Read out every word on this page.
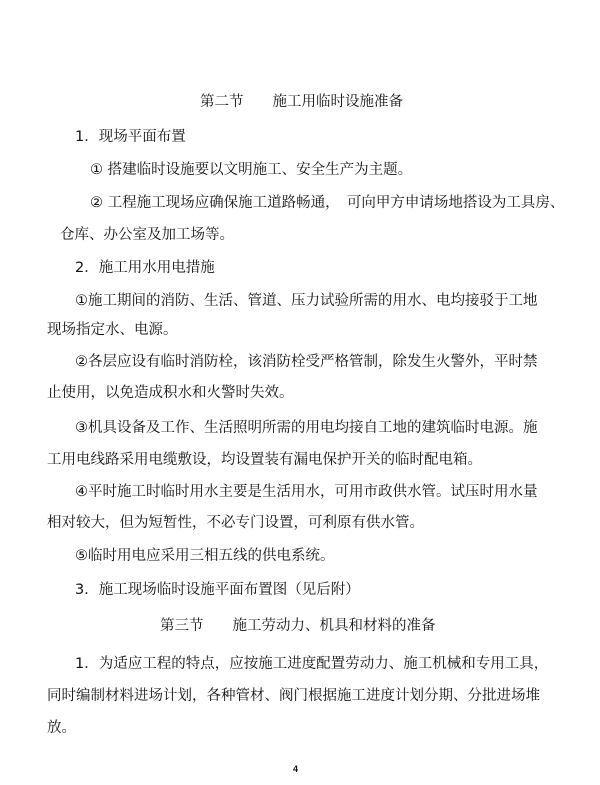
第二节　　施工用临时设施准备

1．现场平面布置

① 搭建临时设施要以文明施工、安全生产为主题。

② 工程施工现场应确保施工道路畅通，　可向甲方申请场地搭设为工具房、

仓库、办公室及加工场等。

2．施工用水用电措施

①施工期间的消防、生活、管道、压力试验所需的用水、电均接驳于工地

现场指定水、电源。

②各层应设有临时消防栓，该消防栓受严格管制，除发生火警外，平时禁

止使用，以免造成积水和火警时失效。

③机具设备及工作、生活照明所需的用电均接自工地的建筑临时电源。施

工用电线路采用电缆敷设，均设置装有漏电保护开关的临时配电箱。

④平时施工时临时用水主要是生活用水，可用市政供水管。试压时用水量

相对较大，但为短暂性，不必专门设置，可利原有供水管。

⑤临时用电应采用三相五线的供电系统。

3．施工现场临时设施平面布置图（见后附）

第三节　　施工劳动力、机具和材料的准备

1．为适应工程的特点，应按施工进度配置劳动力、施工机械和专用工具，

同时编制材料进场计划，各种管材、阀门根据施工进度计划分期、分批进场堆

放。

4
